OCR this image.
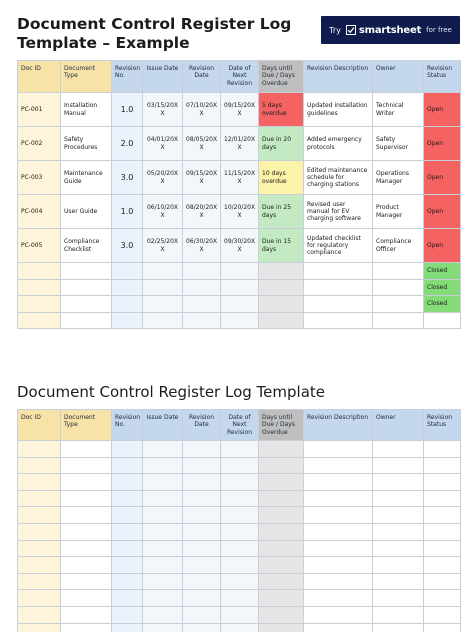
Document Control Register Log Template – Example
Try smartsheet for free
Doc ID	Document Type	Revision No.	Issue Date	Revision Date	Date of Next Revision	Days until Due / Days Overdue	Revision Description	Owner	Revision Status
PC-001	Installation Manual	1.0	03/15/20X X	07/10/20X X	09/15/20X X	5 days overdue	Updated installation guidelines	Technical Writer	Open
PC-002	Safety Procedures	2.0	04/01/20X X	08/05/20X X	12/01/20X X	Due in 20 days	Added emergency protocols	Safety Supervisor	Open
PC-003	Maintenance Guide	3.0	05/20/20X X	09/15/20X X	11/15/20X X	10 days overdue	Edited maintenance schedule for charging stations	Operations Manager	Open
PC-004	User Guide	1.0	06/10/20X X	08/20/20X X	10/20/20X X	Due in 25 days	Revised user manual for EV charging software	Product Manager	Open
PC-005	Compliance Checklist	3.0	02/25/20X X	06/30/20X X	09/30/20X X	Due in 15 days	Updated checklist for regulatory compliance	Compliance Officer	Open
									Closed
									Closed
									Closed

Document Control Register Log Template
Doc ID	Document Type	Revision No.	Issue Date	Revision Date	Date of Next Revision	Days until Due / Days Overdue	Revision Description	Owner	Revision Status
